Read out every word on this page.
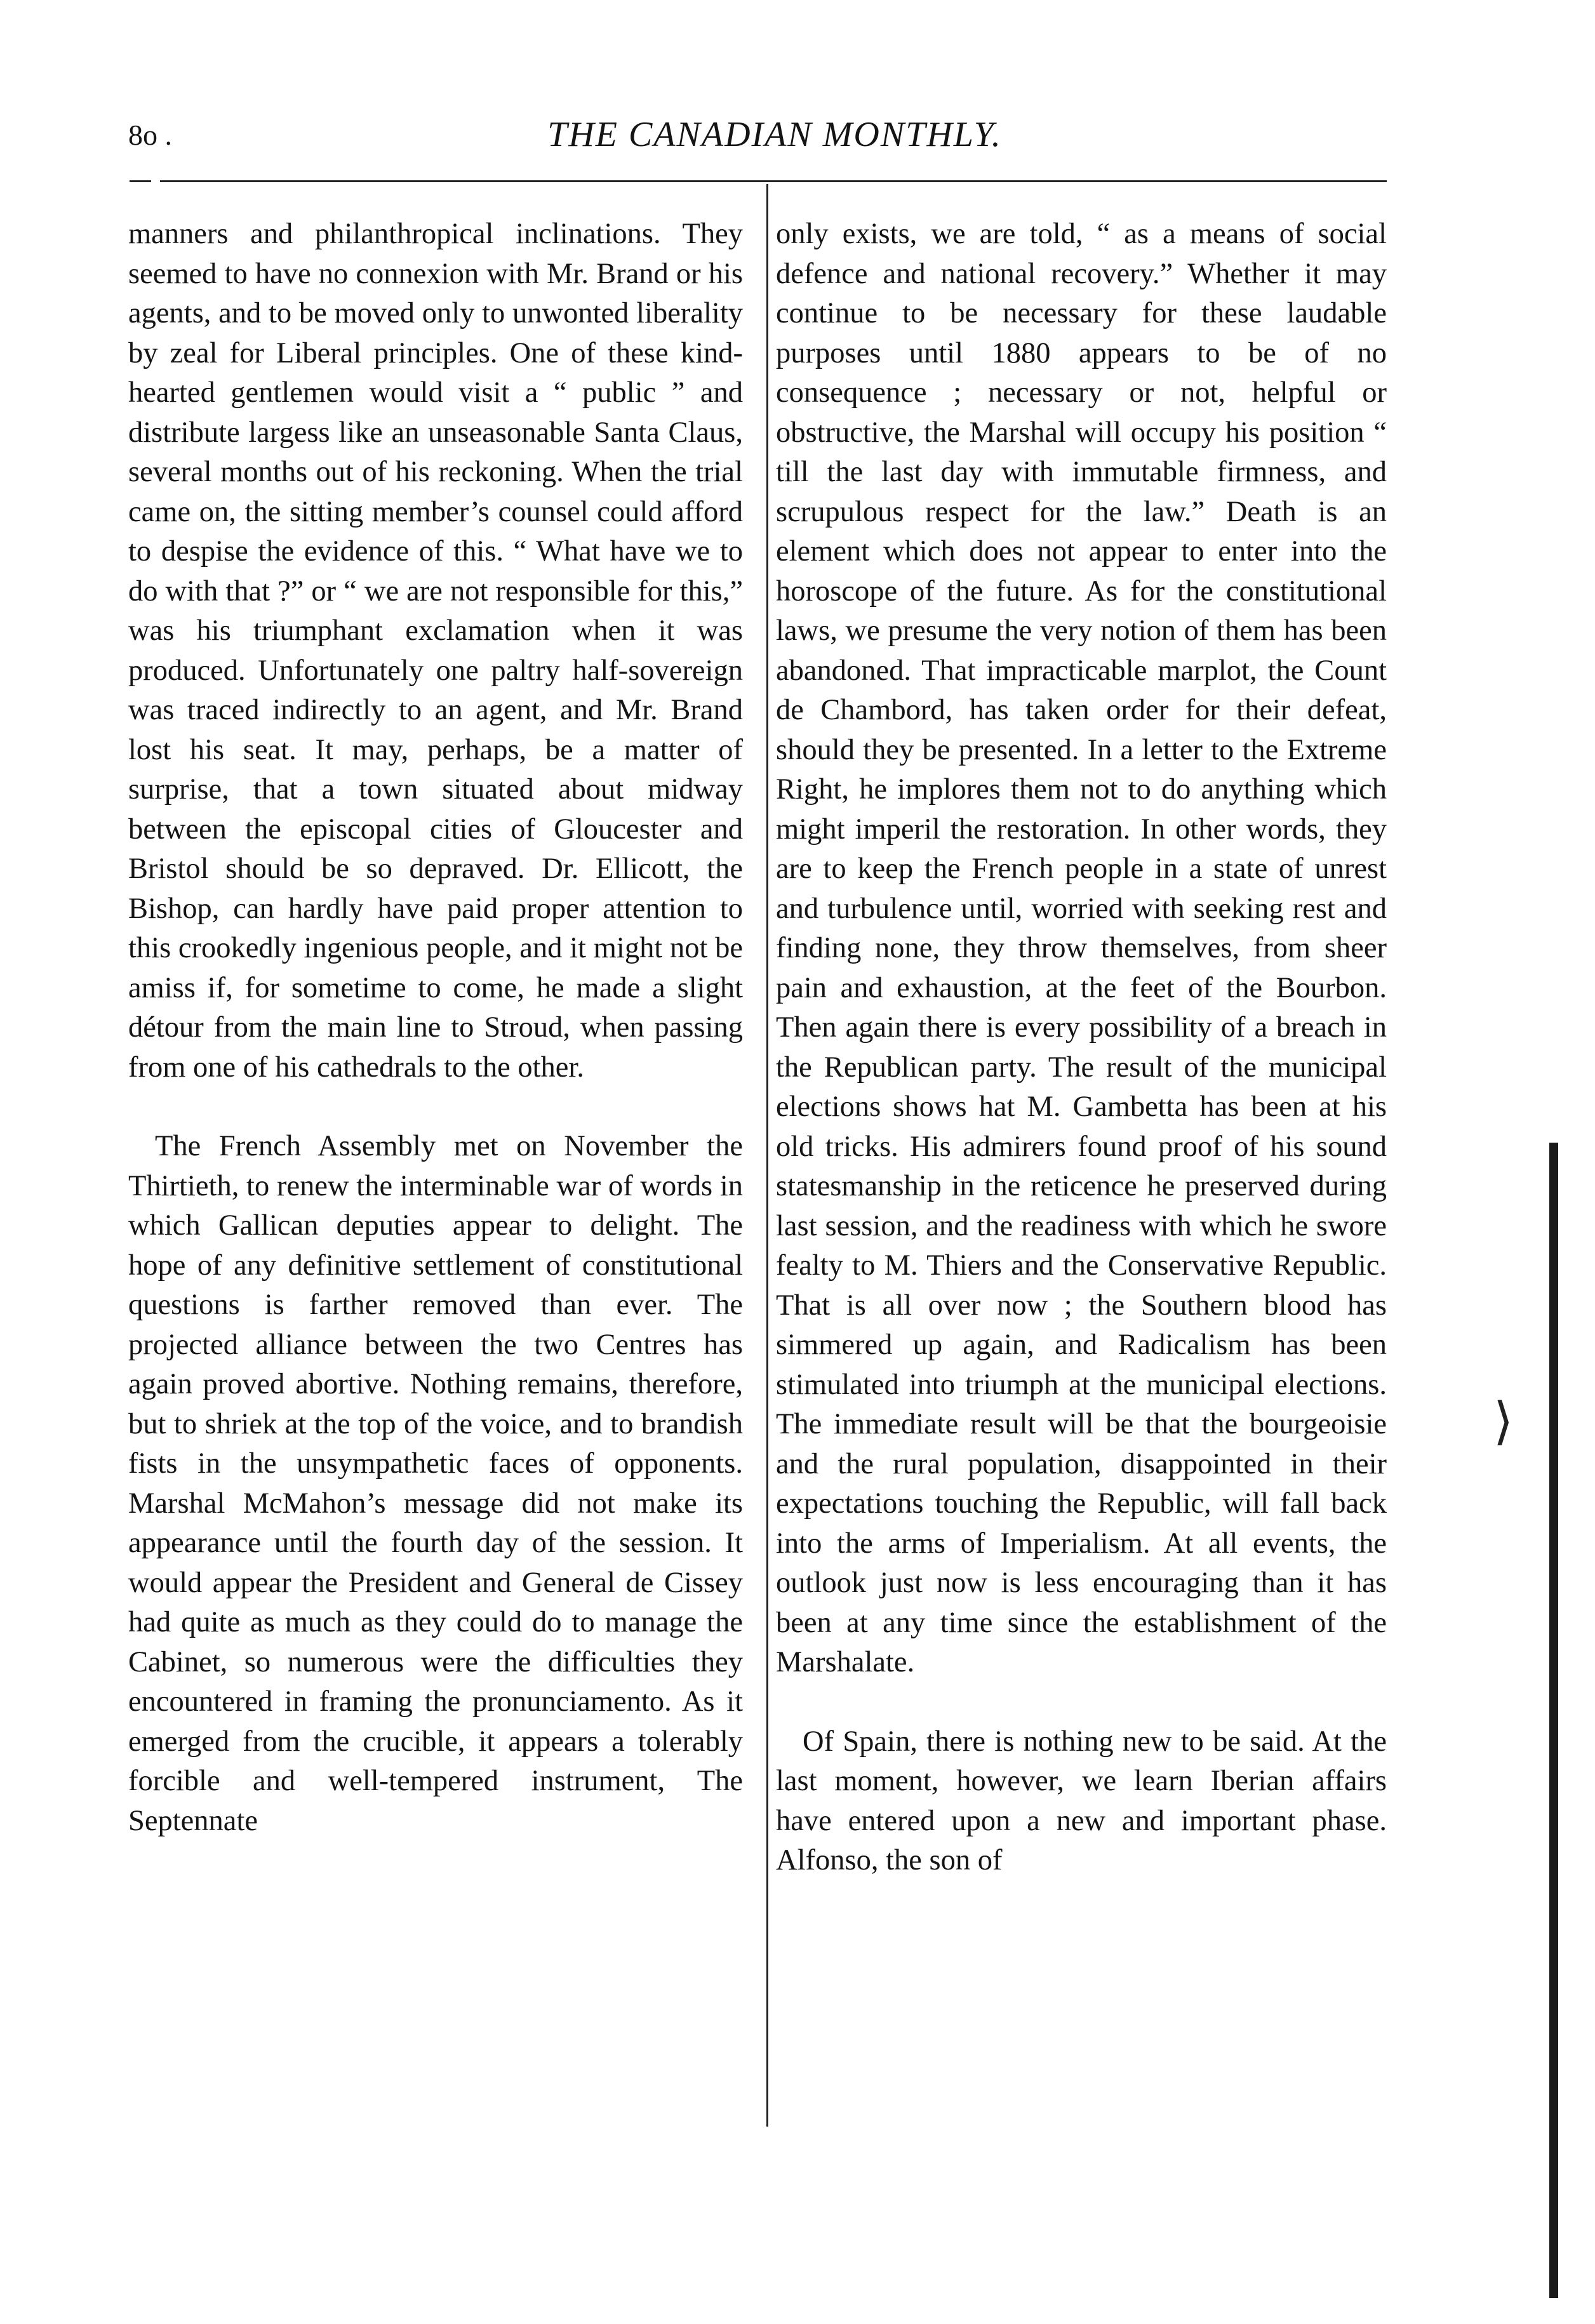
8o .	THE CANADIAN MONTHLY.

manners and philanthropical inclinations. They seemed to have no connexion with Mr. Brand or his agents, and to be moved only to unwonted liberality by zeal for Liberal principles. One of these kind-hearted gentlemen would visit a “ public ” and distribute largess like an unseasonable Santa Claus, several months out of his reckoning. When the trial came on, the sitting member’s counsel could afford to despise the evidence of this. “ What have we to do with that ?” or “ we are not responsible for this,” was his triumphant exclamation when it was produced. Unfortunately one paltry half-sovereign was traced indirectly to an agent, and Mr. Brand lost his seat. It may, perhaps, be a matter of surprise, that a town situated about midway between the episcopal cities of Gloucester and Bristol should be so depraved. Dr. Ellicott, the Bishop, can hardly have paid proper attention to this crookedly ingenious people, and it might not be amiss if, for sometime to come, he made a slight détour from the main line to Stroud, when passing from one of his cathedrals to the other.

The French Assembly met on November the Thirtieth, to renew the interminable war of words in which Gallican deputies appear to delight. The hope of any definitive settlement of constitutional questions is farther removed than ever. The projected alliance between the two Centres has again proved abortive. Nothing remains, therefore, but to shriek at the top of the voice, and to brandish fists in the unsympathetic faces of opponents. Marshal McMahon’s message did not make its appearance until the fourth day of the session. It would appear the President and General de Cissey had quite as much as they could do to manage the Cabinet, so numerous were the difficulties they encountered in framing the pronunciamento. As it emerged from the crucible, it appears a tolerably forcible and well-tempered instrument, The Septennate

only exists, we are told, “ as a means of social defence and national recovery.” Whether it may continue to be necessary for these laudable purposes until 1880 appears to be of no consequence ; necessary or not, helpful or obstructive, the Marshal will occupy his position “ till the last day with immutable firmness, and scrupulous respect for the law.” Death is an element which does not appear to enter into the horoscope of the future. As for the constitutional laws, we presume the very notion of them has been abandoned. That impracticable marplot, the Count de Chambord, has taken order for their defeat, should they be presented. In a letter to the Extreme Right, he implores them not to do anything which might imperil the restoration. In other words, they are to keep the French people in a state of unrest and turbulence until, worried with seeking rest and finding none, they throw themselves, from sheer pain and exhaustion, at the feet of the Bourbon. Then again there is every possibility of a breach in the Republican party. The result of the municipal elections shows hat M. Gambetta has been at his old tricks. His admirers found proof of his sound statesmanship in the reticence he preserved during last session, and the readiness with which he swore fealty to M. Thiers and the Conservative Republic. That is all over now ; the Southern blood has simmered up again, and Radicalism has been stimulated into triumph at the municipal elections. The immediate result will be that the bourgeoisie and the rural population, disappointed in their expectations touching the Republic, will fall back into the arms of Imperialism. At all events, the outlook just now is less encouraging than it has been at any time since the establishment of the Marshalate.

Of Spain, there is nothing new to be said. At the last moment, however, we learn Iberian affairs have entered upon a new and important phase. Alfonso, the son of

⟩
